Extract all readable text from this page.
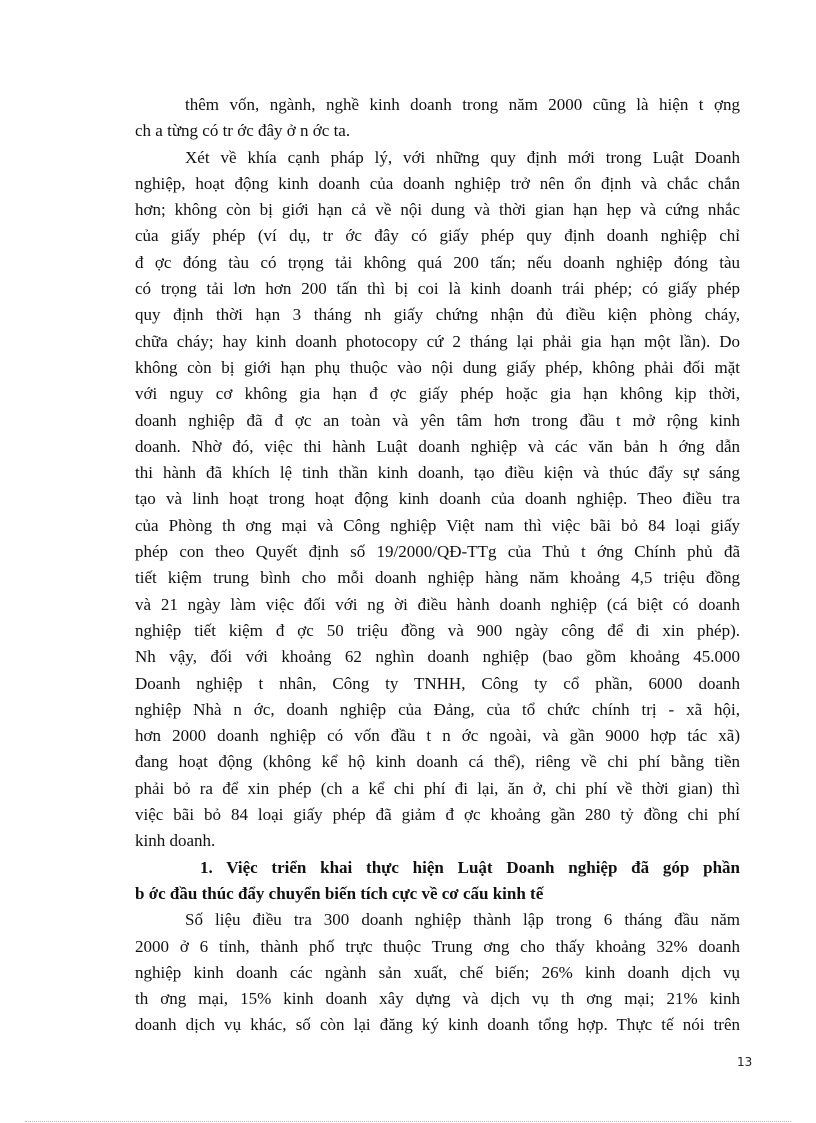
thêm vốn, ngành, nghề kinh doanh trong năm 2000 cũng là hiện t ợng
ch a từng có tr ớc đây ở n ớc ta.
Xét về khía cạnh pháp lý, với những quy định mới trong Luật Doanh
nghiệp, hoạt động kinh doanh của doanh nghiệp trở nên ổn định và chắc chắn
hơn; không còn bị giới hạn cả về nội dung và thời gian hạn hẹp và cứng nhắc
của giấy phép (ví dụ, tr ớc đây có giấy phép quy định doanh nghiệp chỉ
đ ợc đóng tàu có trọng tải không quá 200 tấn; nếu doanh nghiệp đóng tàu
có trọng tải lơn hơn 200 tấn thì bị coi là kinh doanh trái phép; có giấy phép
quy định thời hạn 3 tháng nh giấy chứng nhận đủ điều kiện phòng cháy,
chữa cháy; hay kinh doanh photocopy cứ 2 tháng lại phải gia hạn một lần). Do
không còn bị giới hạn phụ thuộc vào nội dung giấy phép, không phải đối mặt
với nguy cơ không gia hạn đ ợc giấy phép hoặc gia hạn không kịp thời,
doanh nghiệp đã đ ợc an toàn và yên tâm hơn trong đầu t mở rộng kinh
doanh. Nhờ đó, việc thi hành Luật doanh nghiệp và các văn bản h ớng dẫn
thi hành đã khích lệ tinh thần kinh doanh, tạo điều kiện và thúc đẩy sự sáng
tạo và linh hoạt trong hoạt động kinh doanh của doanh nghiệp. Theo điều tra
của Phòng th ơng mại và Công nghiệp Việt nam thì việc bãi bỏ 84 loại giấy
phép con theo Quyết định số 19/2000/QĐ-TTg của Thủ t ớng Chính phủ đã
tiết kiệm trung bình cho mỗi doanh nghiệp hàng năm khoảng 4,5 triệu đồng
và 21 ngày làm việc đối với ng ời điều hành doanh nghiệp (cá biệt có doanh
nghiệp tiết kiệm đ ợc 50 triệu đồng và 900 ngày công để đi xin phép).
Nh vậy, đối với khoảng 62 nghìn doanh nghiệp (bao gồm khoảng 45.000
Doanh nghiệp t nhân, Công ty TNHH, Công ty cổ phần, 6000 doanh
nghiệp Nhà n ớc, doanh nghiệp của Đảng, của tổ chức chính trị - xã hội,
hơn 2000 doanh nghiệp có vốn đầu t n ớc ngoài, và gần 9000 hợp tác xã)
đang hoạt động (không kể hộ kinh doanh cá thể), riêng về chi phí bằng tiền
phải bỏ ra để xin phép (ch a kể chi phí đi lại, ăn ở, chi phí về thời gian) thì
việc bãi bỏ 84 loại giấy phép đã giảm đ ợc khoảng gần 280 tỷ đồng chi phí
kinh doanh.
1. Việc triển khai thực hiện Luật Doanh nghiệp đã góp phần
b ớc đầu thúc đẩy chuyển biến tích cực về cơ cấu kinh tế
Số liệu điều tra 300 doanh nghiệp thành lập trong 6 tháng đầu năm
2000 ở 6 tỉnh, thành phố trực thuộc Trung ơng cho thấy khoảng 32% doanh
nghiệp kinh doanh các ngành sản xuất, chế biến; 26% kinh doanh dịch vụ
th ơng mại, 15% kinh doanh xây dựng và dịch vụ th ơng mại; 21% kinh
doanh dịch vụ khác, số còn lại đăng ký kinh doanh tổng hợp. Thực tế nói trên
13
